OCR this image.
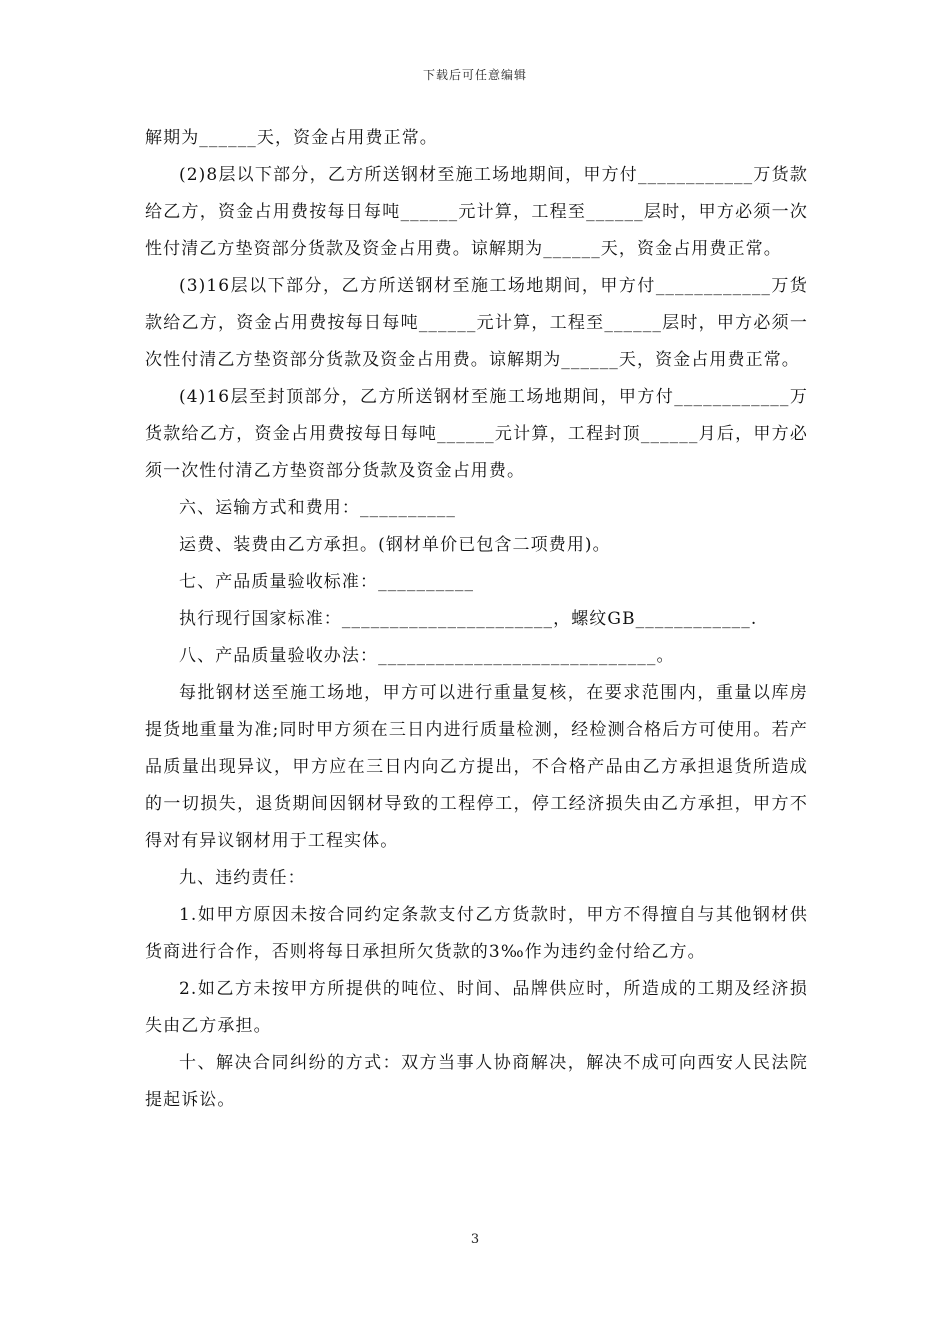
下载后可任意编辑

解期为______天，资金占用费正常。

(2)8层以下部分，乙方所送钢材至施工场地期间，甲方付____________万货款给乙方，资金占用费按每日每吨______元计算，工程至______层时，甲方必须一次性付清乙方垫资部分货款及资金占用费。谅解期为______天，资金占用费正常。

(3)16层以下部分，乙方所送钢材至施工场地期间，甲方付____________万货款给乙方，资金占用费按每日每吨______元计算，工程至______层时，甲方必须一次性付清乙方垫资部分货款及资金占用费。谅解期为______天，资金占用费正常。

(4)16层至封顶部分，乙方所送钢材至施工场地期间，甲方付____________万货款给乙方，资金占用费按每日每吨______元计算，工程封顶______月后，甲方必须一次性付清乙方垫资部分货款及资金占用费。

六、运输方式和费用：__________

运费、装费由乙方承担。(钢材单价已包含二项费用)。

七、产品质量验收标准：__________

执行现行国家标准：______________________，螺纹GB____________.

八、产品质量验收办法：_____________________________。

每批钢材送至施工场地，甲方可以进行重量复核，在要求范围内，重量以库房提货地重量为准;同时甲方须在三日内进行质量检测，经检测合格后方可使用。若产品质量出现异议，甲方应在三日内向乙方提出，不合格产品由乙方承担退货所造成的一切损失，退货期间因钢材导致的工程停工，停工经济损失由乙方承担，甲方不得对有异议钢材用于工程实体。

九、违约责任：

1.如甲方原因未按合同约定条款支付乙方货款时，甲方不得擅自与其他钢材供货商进行合作，否则将每日承担所欠货款的3‰作为违约金付给乙方。

2.如乙方未按甲方所提供的吨位、时间、品牌供应时，所造成的工期及经济损失由乙方承担。

十、解决合同纠纷的方式：双方当事人协商解决，解决不成可向西安人民法院提起诉讼。

3
